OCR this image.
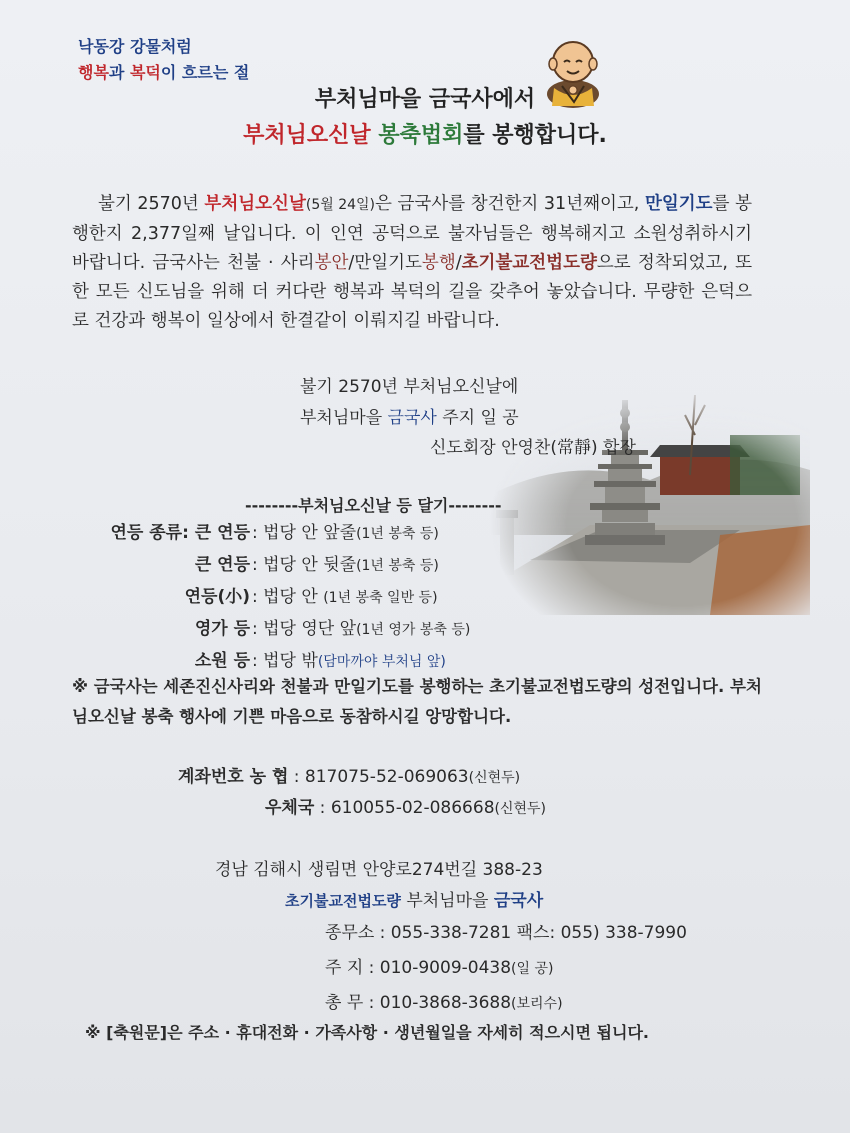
낙동강 강물처럼
행복과 복덕이 흐르는 절
부처님마을 금국사에서
부처님오신날 봉축법회를 봉행합니다.
불기 2570년 부처님오신날(5월 24일)은 금국사를 창건한지 31년째이고, 만일기도를 봉행한지 2,377일째 날입니다. 이 인연 공덕으로 불자님들은 행복해지고 소원성취하시기 바랍니다. 금국사는 천불 · 사리봉안/만일기도봉행/초기불교전법도량으로 정착되었고, 또한 모든 신도님을 위해 더 커다란 행복과 복덕의 길을 갖추어 놓았습니다. 무량한 은덕으로 건강과 행복이 일상에서 한결같이 이뤄지길 바랍니다.
불기 2570년 부처님오신날에
부처님마을 금국사 주지 일 공
신도회장 안영찬(常靜) 합장
--------부처님오신날 등 달기--------
연등 종류: 큰 연등 : 법당 안 앞줄(1년 봉축 등)
큰 연등 : 법당 안 뒷줄(1년 봉축 등)
연등(小) : 법당 안 (1년 봉축 일반 등)
영가 등 : 법당 영단 앞(1년 영가 봉축 등)
소원 등 : 법당 밖(담마까야 부처님 앞)
※ 금국사는 세존진신사리와 천불과 만일기도를 봉행하는 초기불교전법도량의 성전입니다. 부처님오신날 봉축 행사에 기쁜 마음으로 동참하시길 앙망합니다.
계좌번호 농 협 : 817075-52-069063(신현두)
우체국 : 610055-02-086668(신현두)
경남 김해시 생림면 안양로274번길 388-23
초기불교전법도량 부처님마을 금국사
종무소 : 055-338-7281 팩스: 055) 338-7990
주 지 : 010-9009-0438(일 공)
총 무 : 010-3868-3688(보리수)
※ [축원문]은 주소 · 휴대전화 · 가족사항 · 생년월일을 자세히 적으시면 됩니다.
